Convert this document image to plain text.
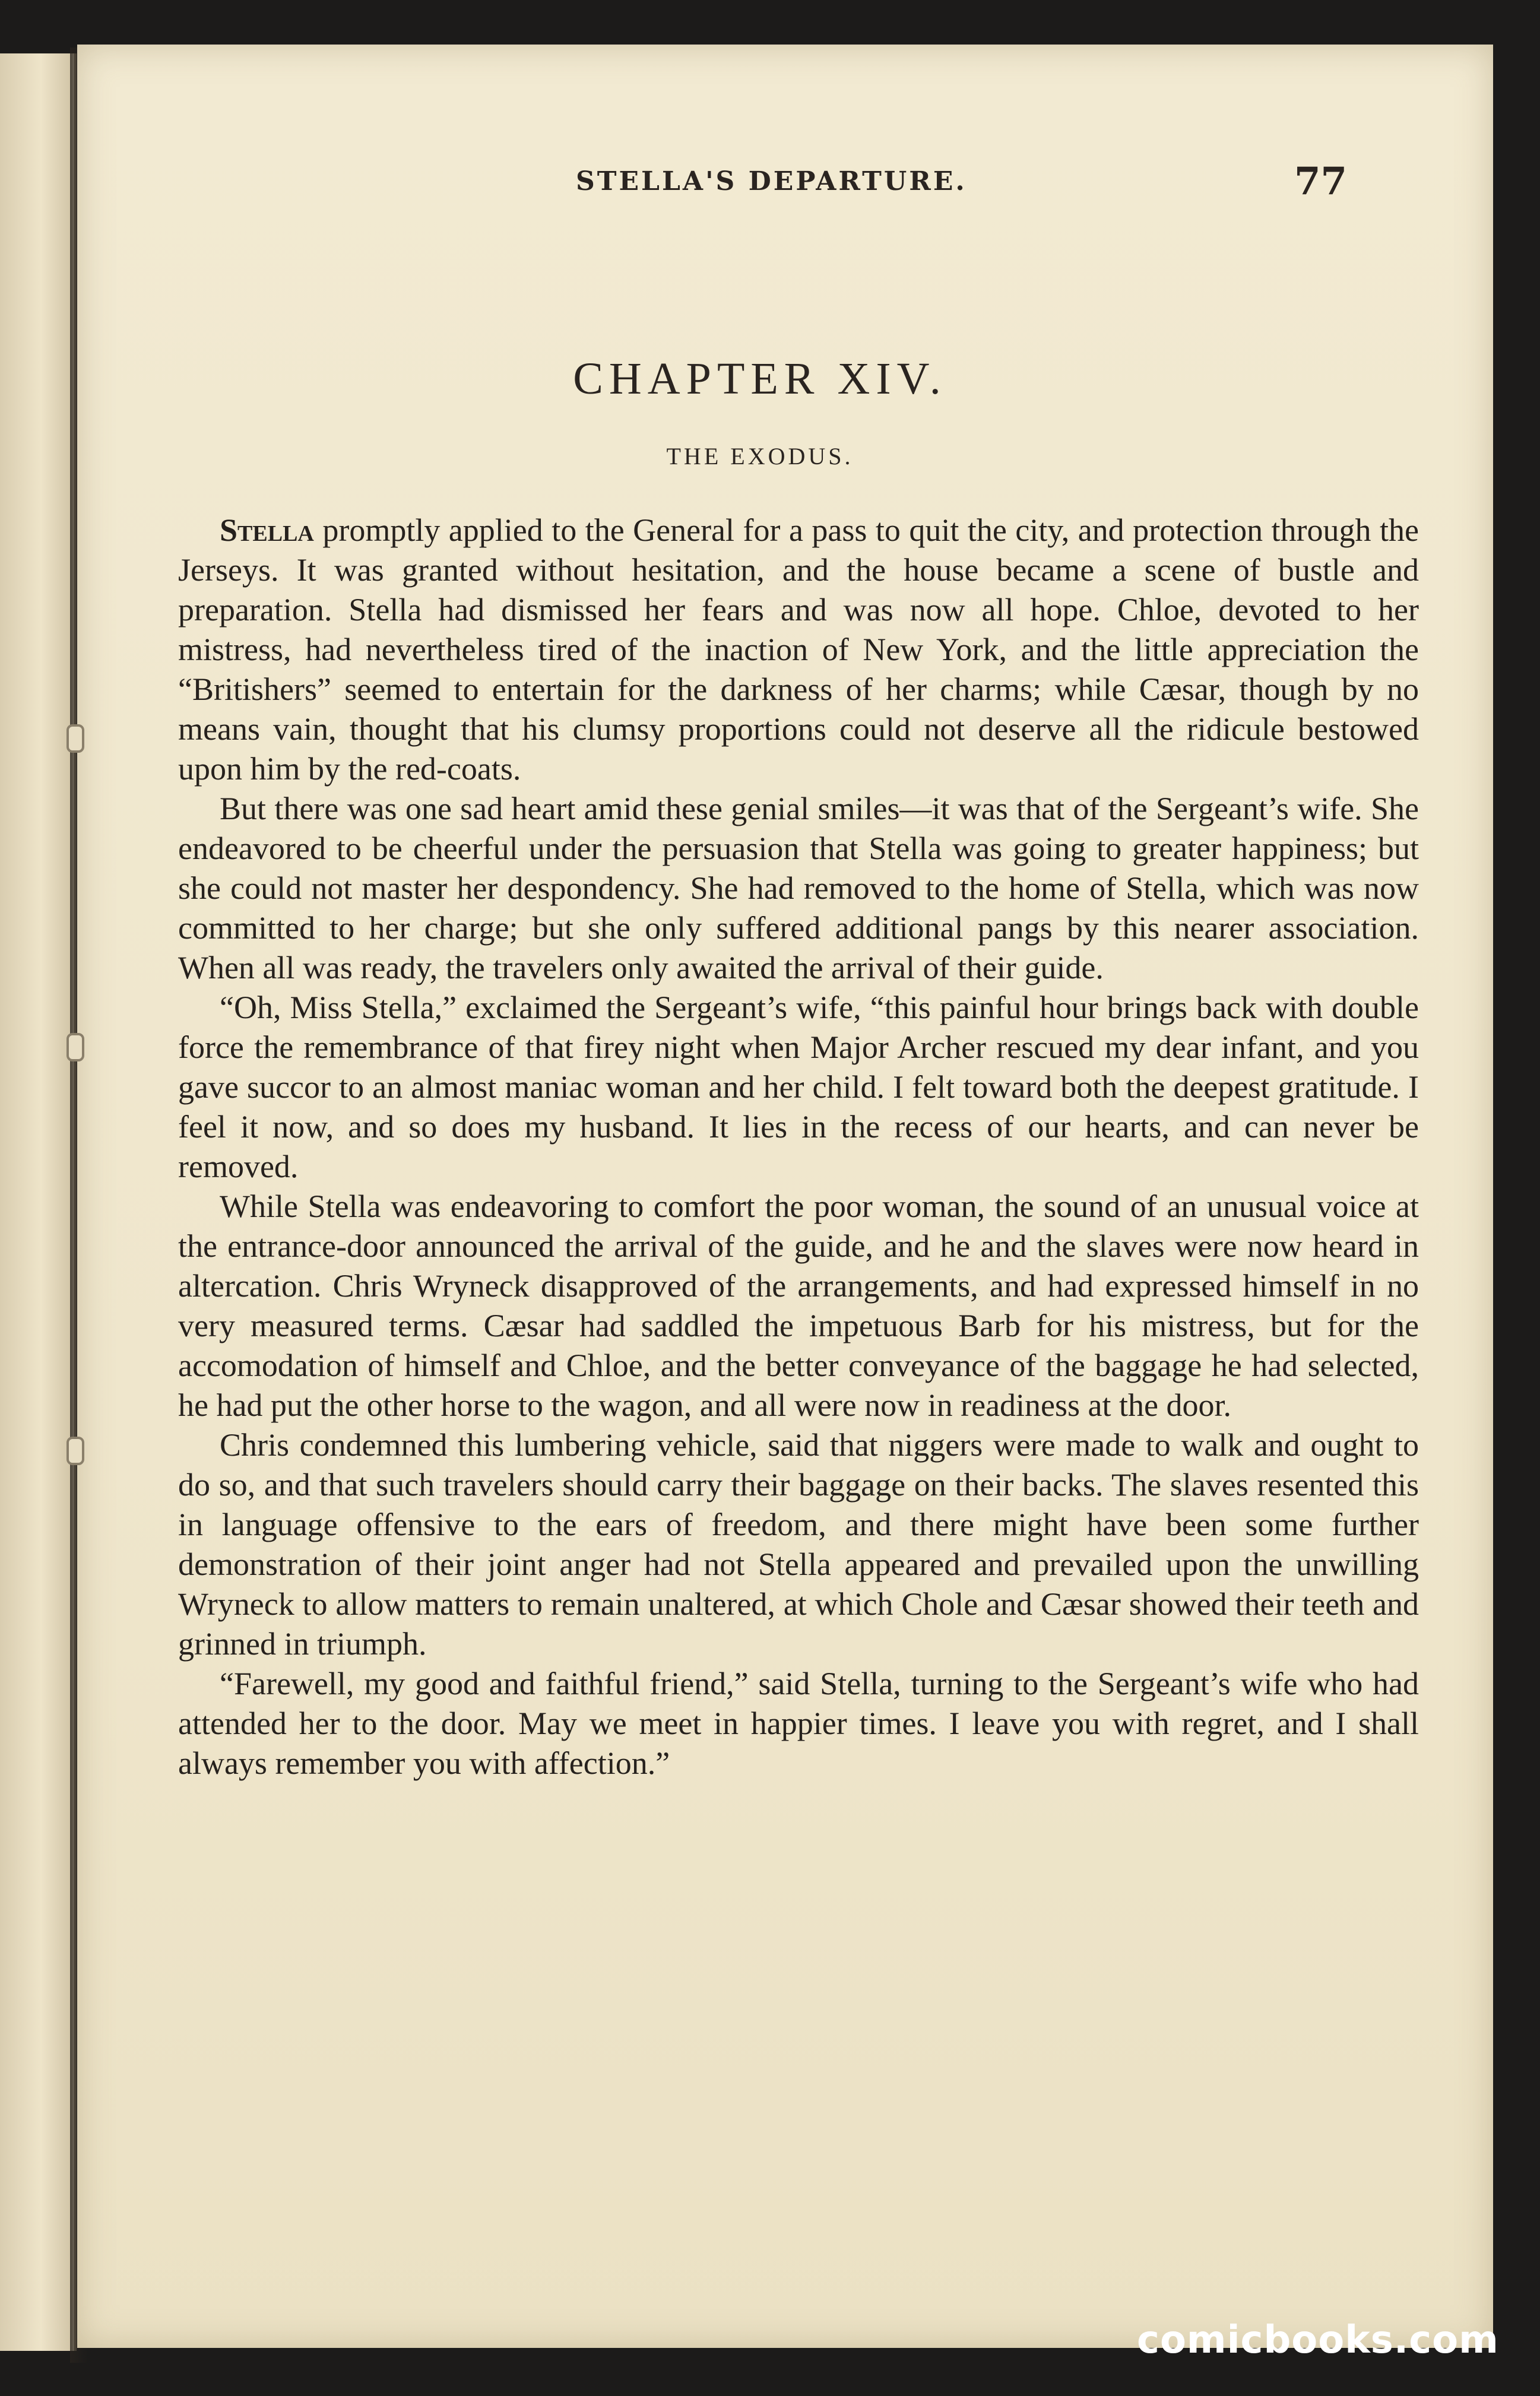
STELLA'S DEPARTURE.	77
CHAPTER XIV.
THE EXODUS.

Stella promptly applied to the General for a pass to quit the city, and protection through the Jerseys. It was granted without hesitation, and the house became a scene of bustle and preparation. Stella had dismissed her fears and was now all hope. Chloe, devoted to her mistress, had nevertheless tired of the inaction of New York, and the little appreciation the “Britishers” seemed to entertain for the darkness of her charms; while Cæsar, though by no means vain, thought that his clumsy proportions could not deserve all the ridicule bestowed upon him by the red-coats.

But there was one sad heart amid these genial smiles—it was that of the Sergeant’s wife. She endeavored to be cheerful under the persuasion that Stella was going to greater happiness; but she could not master her despondency. She had removed to the home of Stella, which was now committed to her charge; but she only suffered additional pangs by this nearer association. When all was ready, the travelers only awaited the arrival of their guide.

“Oh, Miss Stella,” exclaimed the Sergeant’s wife, “this painful hour brings back with double force the remembrance of that firey night when Major Archer rescued my dear infant, and you gave succor to an almost maniac woman and her child. I felt toward both the deepest gratitude. I feel it now, and so does my husband. It lies in the recess of our hearts, and can never be removed.

While Stella was endeavoring to comfort the poor woman, the sound of an unusual voice at the entrance-door announced the arrival of the guide, and he and the slaves were now heard in altercation. Chris Wryneck disapproved of the arrangements, and had expressed himself in no very measured terms. Cæsar had saddled the impetuous Barb for his mistress, but for the accomodation of himself and Chloe, and the better conveyance of the baggage he had selected, he had put the other horse to the wagon, and all were now in readiness at the door.

Chris condemned this lumbering vehicle, said that niggers were made to walk and ought to do so, and that such travelers should carry their baggage on their backs. The slaves resented this in language offensive to the ears of freedom, and there might have been some further demonstration of their joint anger had not Stella appeared and prevailed upon the unwilling Wryneck to allow matters to remain unaltered, at which Chole and Cæsar showed their teeth and grinned in triumph.

“Farewell, my good and faithful friend,” said Stella, turning to the Sergeant’s wife who had attended her to the door. May we meet in happier times. I leave you with regret, and I shall always remember you with affection.”

comicbooks.com
